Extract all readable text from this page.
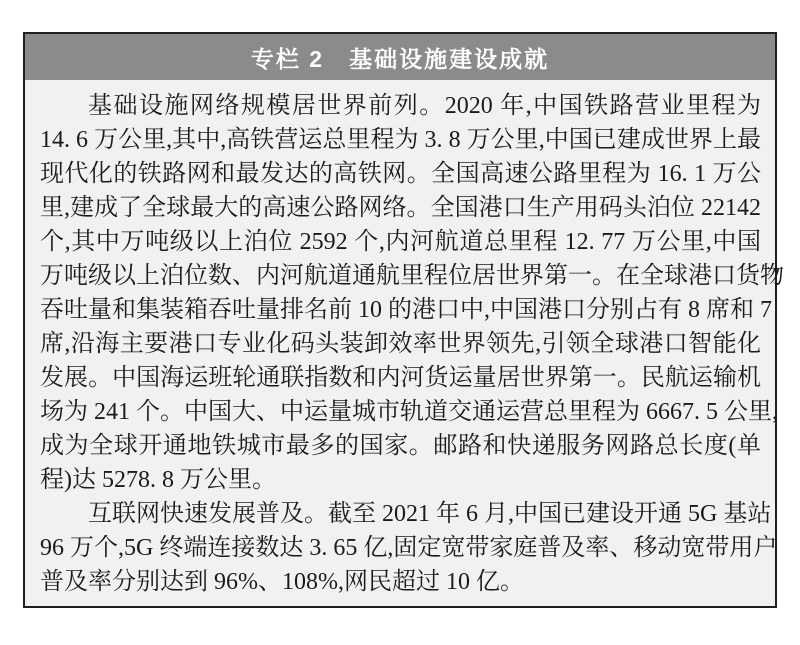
专栏 2　基础设施建设成就
基础设施网络规模居世界前列。2020 年,中国铁路营业里程为
14. 6 万公里,其中,高铁营运总里程为 3. 8 万公里,中国已建成世界上最
现代化的铁路网和最发达的高铁网。全国高速公路里程为 16. 1 万公
里,建成了全球最大的高速公路网络。全国港口生产用码头泊位 22142
个,其中万吨级以上泊位 2592 个,内河航道总里程 12. 77 万公里,中国
万吨级以上泊位数、内河航道通航里程位居世界第一。在全球港口货物
吞吐量和集装箱吞吐量排名前 10 的港口中,中国港口分别占有 8 席和 7
席,沿海主要港口专业化码头装卸效率世界领先,引领全球港口智能化
发展。中国海运班轮通联指数和内河货运量居世界第一。民航运输机
场为 241 个。中国大、中运量城市轨道交通运营总里程为 6667. 5 公里,
成为全球开通地铁城市最多的国家。邮路和快递服务网路总长度(单
程)达 5278. 8 万公里。
互联网快速发展普及。截至 2021 年 6 月,中国已建设开通 5G 基站
96 万个,5G 终端连接数达 3. 65 亿,固定宽带家庭普及率、移动宽带用户
普及率分别达到 96%、108%,网民超过 10 亿。
